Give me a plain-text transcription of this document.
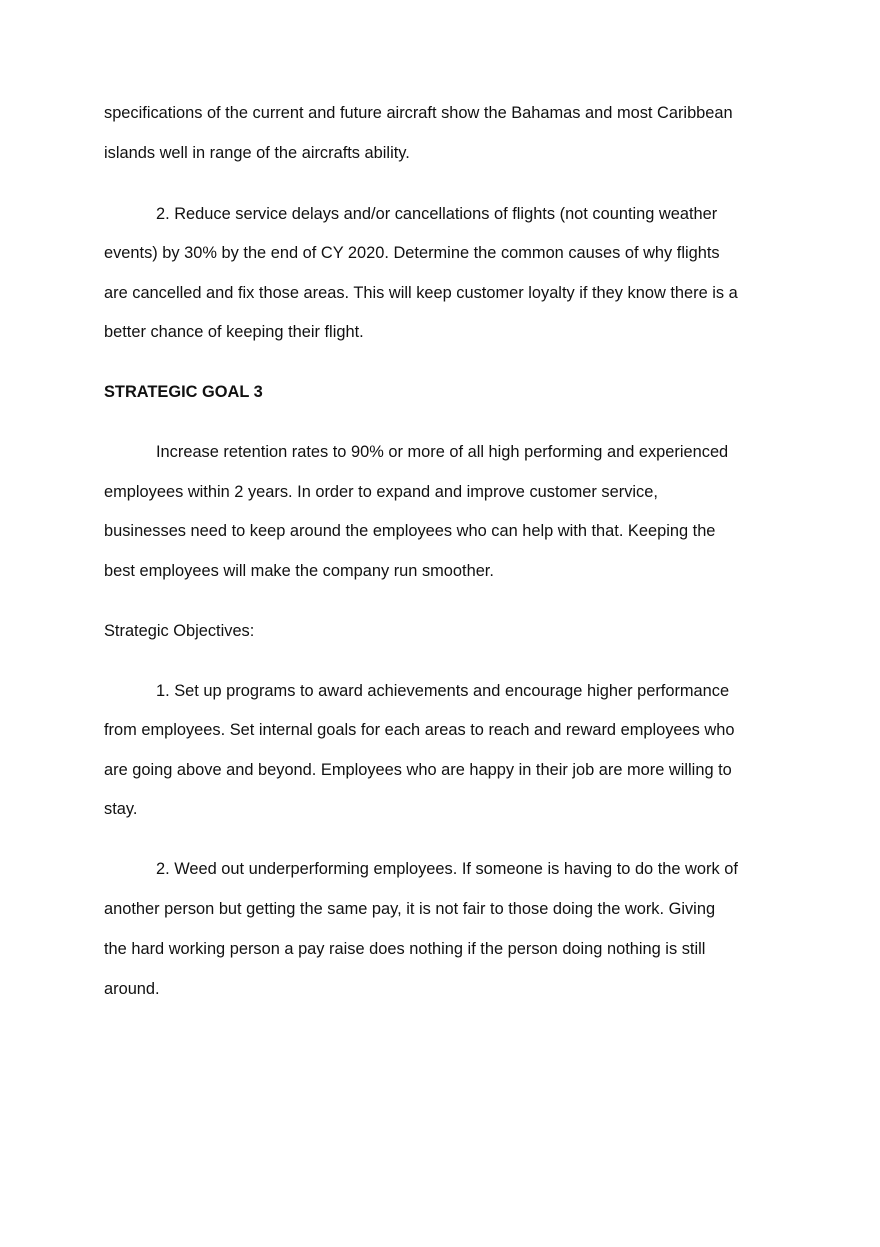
specifications of the current and future aircraft show the Bahamas and most Caribbean

islands well in range of the aircrafts ability.

2. Reduce service delays and/or cancellations of flights (not counting weather

events) by 30% by the end of CY 2020. Determine the common causes of why flights

are cancelled and fix those areas. This will keep customer loyalty if they know there is a

better chance of keeping their flight.

STRATEGIC GOAL 3

Increase retention rates to 90% or more of all high performing and experienced

employees within 2 years. In order to expand and improve customer service,

businesses need to keep around the employees who can help with that. Keeping the

best employees will make the company run smoother.

Strategic Objectives:

1. Set up programs to award achievements and encourage higher performance

from employees. Set internal goals for each areas to reach and reward employees who

are going above and beyond. Employees who are happy in their job are more willing to

stay.

2. Weed out underperforming employees. If someone is having to do the work of

another person but getting the same pay, it is not fair to those doing the work. Giving

the hard working person a pay raise does nothing if the person doing nothing is still

around.
